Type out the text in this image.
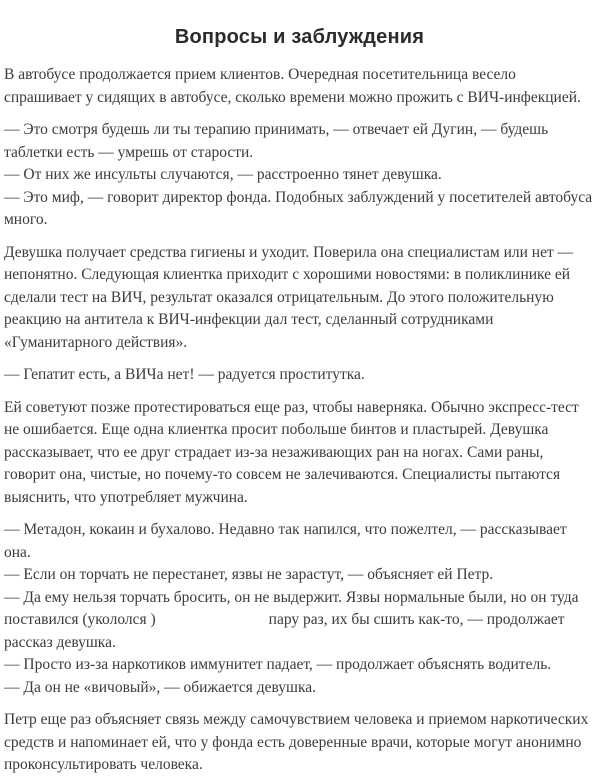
Вопросы и заблуждения

В автобусе продолжается прием клиентов. Очередная посетительница весело спрашивает у сидящих в автобусе, сколько времени можно прожить с ВИЧ-инфекцией.

— Это смотря будешь ли ты терапию принимать, — отвечает ей Дугин, — будешь таблетки есть — умрешь от старости.
— От них же инсульты случаются, — расстроенно тянет девушка.
— Это миф, — говорит директор фонда. Подобных заблуждений у посетителей автобуса много.

Девушка получает средства гигиены и уходит. Поверила она специалистам или нет — непонятно. Следующая клиентка приходит с хорошими новостями: в поликлинике ей сделали тест на ВИЧ, результат оказался отрицательным. До этого положительную реакцию на антитела к ВИЧ-инфекции дал тест, сделанный сотрудниками «Гуманитарного действия».

— Гепатит есть, а ВИЧа нет! — радуется проститутка.

Ей советуют позже протестироваться еще раз, чтобы наверняка. Обычно экспресс-тест не ошибается. Еще одна клиентка просит побольше бинтов и пластырей. Девушка рассказывает, что ее друг страдает из-за незаживающих ран на ногах. Сами раны, говорит она, чистые, но почему-то совсем не залечиваются. Специалисты пытаются выяснить, что употребляет мужчина.

— Метадон, кокаин и бухалово. Недавно так напился, что пожелтел, — рассказывает она.
— Если он торчать не перестанет, язвы не зарастут, — объясняет ей Петр.
— Да ему нельзя торчать бросить, он не выдержит. Язвы нормальные были, но он туда поставился (укололся )	пару раз, их бы сшить как-то, — продолжает рассказ девушка.
— Просто из-за наркотиков иммунитет падает, — продолжает объяснять водитель.
— Да он не «вичовый», — обижается девушка.

Петр еще раз объясняет связь между самочувствием человека и приемом наркотических средств и напоминает ей, что у фонда есть доверенные врачи, которые могут анонимно проконсультировать человека.
